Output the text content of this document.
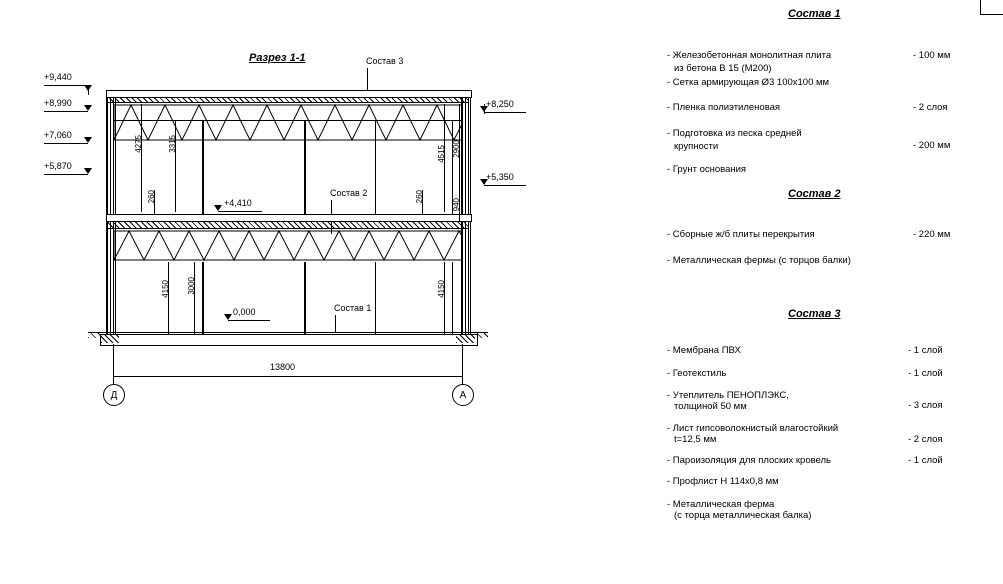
Разрез 1-1	Состав 3
Состав 2
Состав 1
+9,440
+8,990
+7,060
+5,870
+8,250
+5,350
+4,410
0,000
4275	3315
260
4150 3000
2900
4515
260
940
4150
13800
Д	А
Состав 1
- Железобетонная монолитная плита
из бетона В 15 (М200)
- 100 мм
- Сетка армирующая Ø3 100х100 мм
- Пленка полиэтиленовая	- 2 слоя
- Подготовка из песка средней
крупности	- 200 мм
- Грунт основания
Состав 2
- Сборные ж/б плиты перекрытия	- 220 мм
- Металлическая фермы (с торцов балки)
Состав 3
- Мембрана ПВХ	- 1 слой
- Геотекстиль	- 1 слой
- Утеплитель ПЕНОПЛЭКС,
толщиной 50 мм	- 3 слоя
- Лист гипсоволокнистый влагостойкий
t=12,5 мм	- 2 слоя
- Пароизоляция для плоских кровель	- 1 слой
- Профлист Н 114х0,8 мм
- Металлическая ферма
(с торца металлическая балка)
